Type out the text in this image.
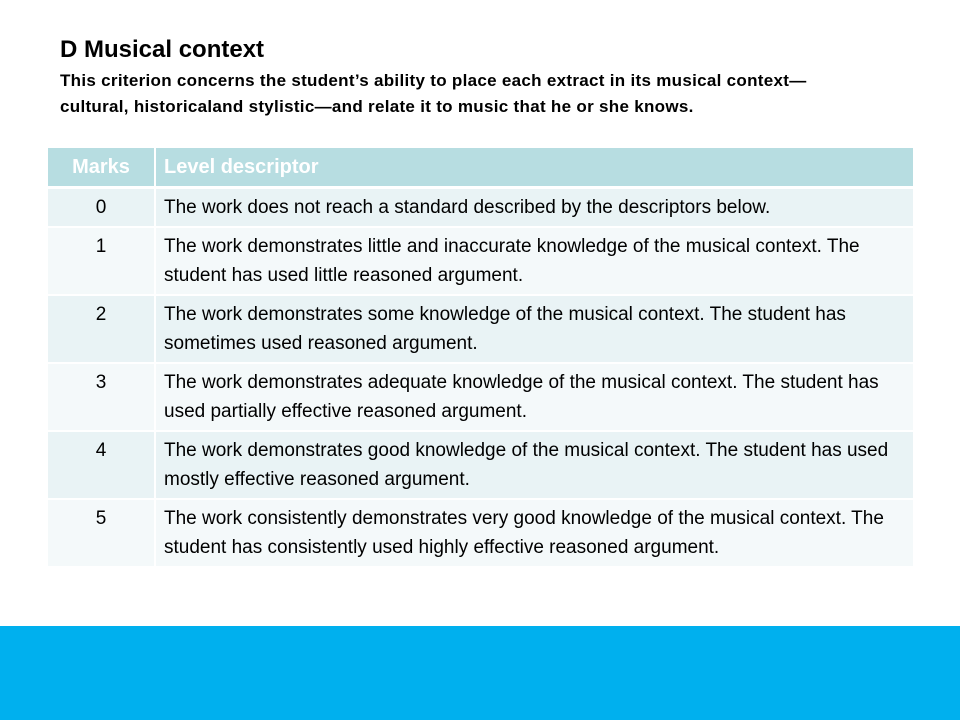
D Musical context

This criterion concerns the student’s ability to place each extract in its musical context—cultural, historicaland stylistic—and relate it to music that he or she knows.

Marks	Level descriptor
0	The work does not reach a standard described by the descriptors below.
1	The work demonstrates little and inaccurate knowledge of the musical context. The student has used little reasoned argument.
2	The work demonstrates some knowledge of the musical context. The student has sometimes used reasoned argument.
3	The work demonstrates adequate knowledge of the musical context. The student has used partially effective reasoned argument.
4	The work demonstrates good knowledge of the musical context. The student has used mostly effective reasoned argument.
5	The work consistently demonstrates very good knowledge of the musical context. The student has consistently used highly effective reasoned argument.
